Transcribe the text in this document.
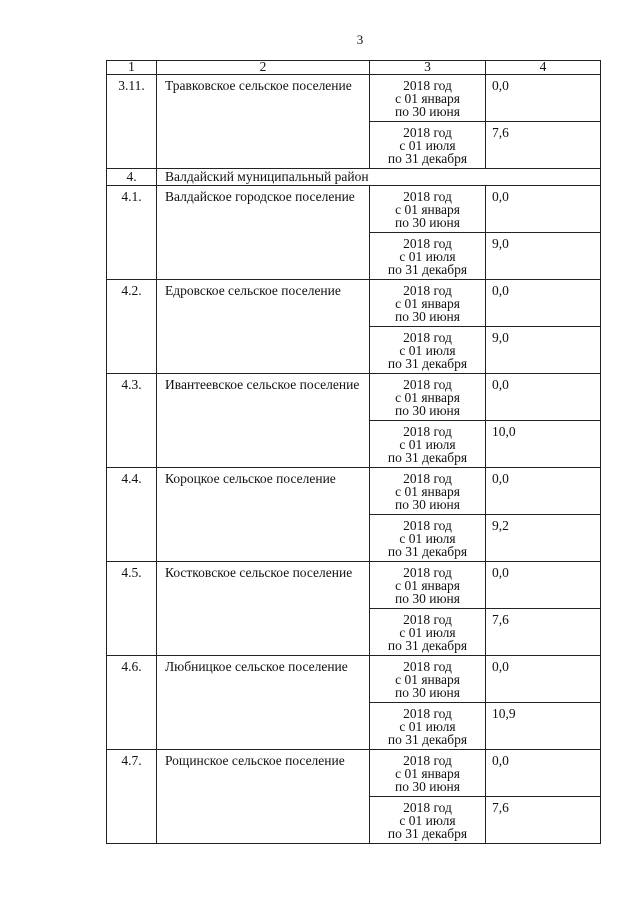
3
1	2	3	4
3.11.	Травковское сельское поселение	2018 год
с 01 января
по 30 июня	0,0

		2018 год
с 01 июля
по 31 декабря	7,6
4.	Валдайский муниципальный район		
4.1.	Валдайское городское поселение	2018 год
с 01 января
по 30 июня	0,0

		2018 год
с 01 июля
по 31 декабря	9,0
4.2.	Едровское сельское поселение	2018 год
с 01 января
по 30 июня	0,0

		2018 год
с 01 июля
по 31 декабря	9,0
4.3.	Ивантеевское сельское поселение	2018 год
с 01 января
по 30 июня	0,0

		2018 год
с 01 июля
по 31 декабря	10,0
4.4.	Короцкое сельское поселение	2018 год
с 01 января
по 30 июня	0,0

		2018 год
с 01 июля
по 31 декабря	9,2
4.5.	Костковское сельское поселение	2018 год
с 01 января
по 30 июня	0,0

		2018 год
с 01 июля
по 31 декабря	7,6
4.6.	Любницкое сельское поселение	2018 год
с 01 января
по 30 июня	0,0

		2018 год
с 01 июля
по 31 декабря	10,9
4.7.	Рощинское сельское поселение	2018 год
с 01 января
по 30 июня	0,0

		2018 год
с 01 июля
по 31 декабря	7,6
